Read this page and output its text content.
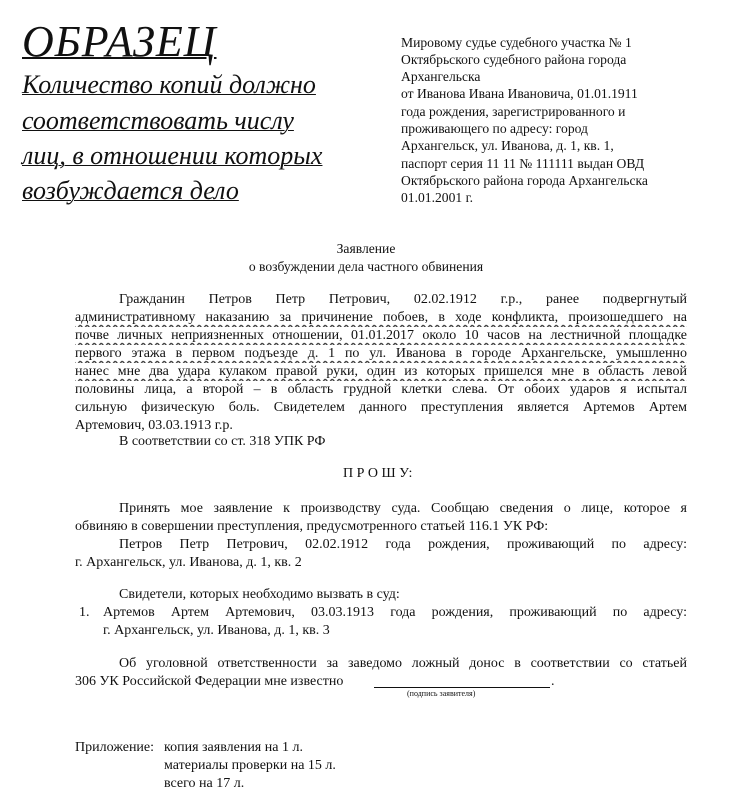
ОБРАЗЕЦ
Количество копий должно
соответствовать числу
лиц, в отношении которых
возбуждается дело
Мировому судье судебного участка № 1
Октябрьского судебного района города
Архангельска
от Иванова Ивана Ивановича, 01.01.1911
года рождения, зарегистрированного и
проживающего по адресу: город
Архангельск, ул. Иванова, д. 1, кв. 1,
паспорт серия 11 11 № 111111 выдан ОВД
Октябрьского района города Архангельска
01.01.2001 г.
Заявление
о возбуждении дела частного обвинения
Гражданин Петров Петр Петрович, 02.02.1912 г.р., ранее подвергнутый
административному наказанию за причинение побоев, в ходе конфликта, произошедшего на
почве личных неприязненных отношении, 01.01.2017 около 10 часов на лестничной площадке
первого этажа в первом подъезде д. 1 по ул. Иванова в городе Архангельске, умышленно
нанес мне два удара кулаком правой руки, один из которых пришелся мне в область левой
половины лица, а второй – в область грудной клетки слева. От обоих ударов я испытал
сильную физическую боль. Свидетелем данного преступления является Артемов Артем
Артемович, 03.03.1913 г.р.
В соответствии со ст. 318 УПК РФ
П Р О Ш У:
Принять мое заявление к производству суда. Сообщаю сведения о лице, которое я
обвиняю в совершении преступления, предусмотренного статьей 116.1 УК РФ:
Петров Петр Петрович, 02.02.1912 года рождения, проживающий по адресу:
г. Архангельск, ул. Иванова, д. 1, кв. 2
Свидетели, которых необходимо вызвать в суд:
1. Артемов Артем Артемович, 03.03.1913 года рождения, проживающий по адресу:
г. Архангельск, ул. Иванова, д. 1, кв. 3
Об уголовной ответственности за заведомо ложный донос в соответствии со статьей
306 УК Российской Федерации мне известно	.
(подпись заявителя)
Приложение: копия заявления на 1 л.
материалы проверки на 15 л.
всего на 17 л.
